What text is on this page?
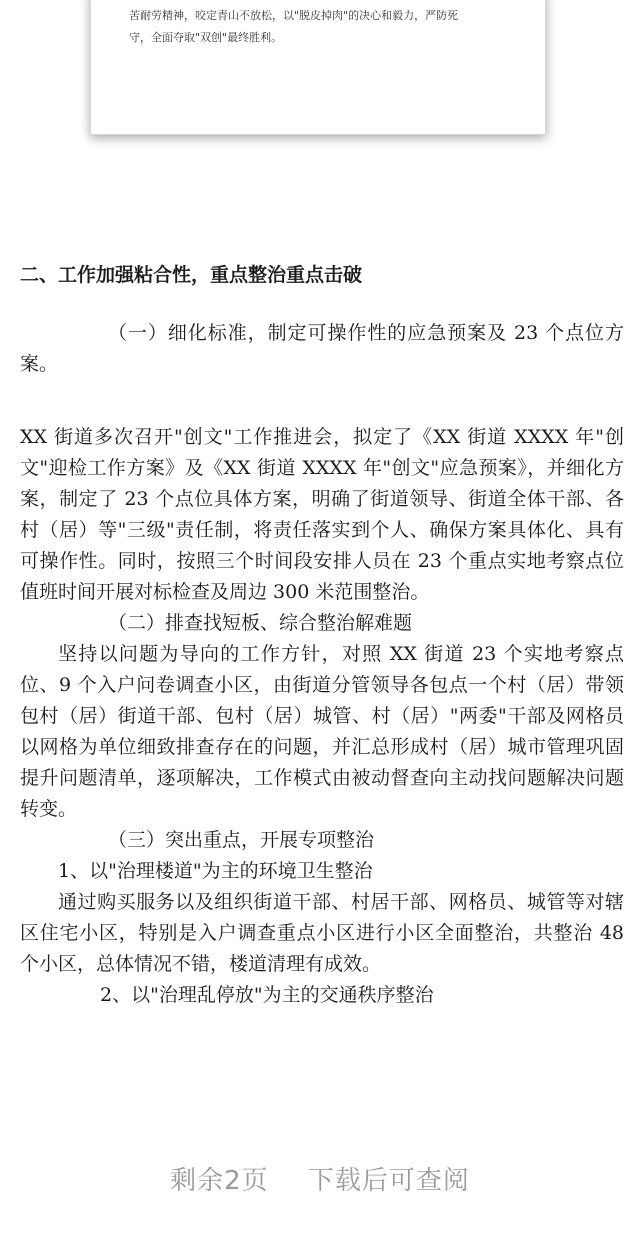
苦耐劳精神，咬定青山不放松，以"脱皮掉肉"的决心和毅力，严防死

守，全面夺取"双创"最终胜利。

二、工作加强粘合性，重点整治重点击破

（一）细化标准，制定可操作性的应急预案及 23 个点位方案。

XX 街道多次召开"创文"工作推进会，拟定了《XX 街道 XXXX 年"创文"迎检工作方案》及《XX 街道 XXXX 年"创文"应急预案》，并细化方案，制定了 23 个点位具体方案，明确了街道领导、街道全体干部、各村（居）等"三级"责任制，将责任落实到个人、确保方案具体化、具有可操作性。同时，按照三个时间段安排人员在 23 个重点实地考察点位值班时间开展对标检查及周边 300 米范围整治。

（二）排查找短板、综合整治解难题

坚持以问题为导向的工作方针，对照 XX 街道 23 个实地考察点位、9 个入户问卷调查小区，由街道分管领导各包点一个村（居）带领包村（居）街道干部、包村（居）城管、村（居）"两委"干部及网格员以网格为单位细致排查存在的问题，并汇总形成村（居）城市管理巩固提升问题清单，逐项解决，工作模式由被动督查向主动找问题解决问题转变。

（三）突出重点，开展专项整治

1、以"治理楼道"为主的环境卫生整治

通过购买服务以及组织街道干部、村居干部、网格员、城管等对辖区住宅小区，特别是入户调查重点小区进行小区全面整治，共整治 48 个小区，总体情况不错，楼道清理有成效。

2、以"治理乱停放"为主的交通秩序整治

剩余2页 下载后可查阅
